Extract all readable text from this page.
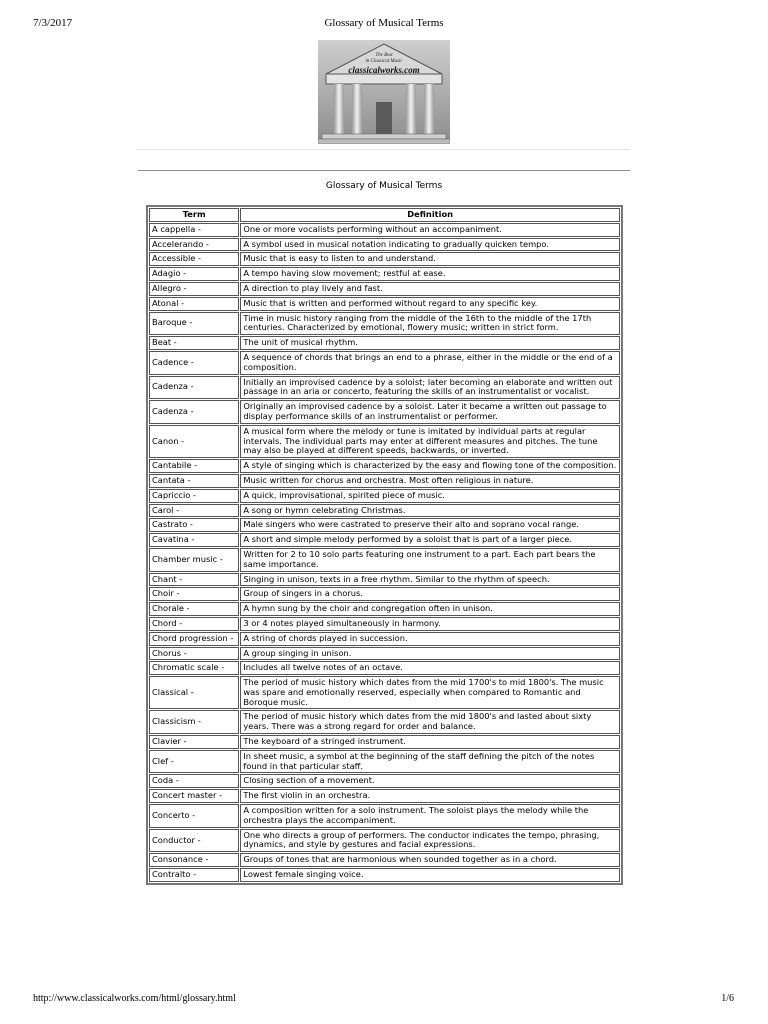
7/3/2017	Glossary of Musical Terms
The Best
in Classical Music
classicalworks.com
Glossary of Musical Terms
Term	Definition
A cappella -	One or more vocalists performing without an accompaniment.
Accelerando -	A symbol used in musical notation indicating to gradually quicken tempo.
Accessible -	Music that is easy to listen to and understand.
Adagio -	A tempo having slow movement; restful at ease.
Allegro -	A direction to play lively and fast.
Atonal -	Music that is written and performed without regard to any specific key.
Baroque -	Time in music history ranging from the middle of the 16th to the middle of the 17th centuries. Characterized by emotional, flowery music; written in strict form.
Beat -	The unit of musical rhythm.
Cadence -	A sequence of chords that brings an end to a phrase, either in the middle or the end of a composition.
Cadenza -	Initially an improvised cadence by a soloist; later becoming an elaborate and written out passage in an aria or concerto, featuring the skills of an instrumentalist or vocalist.
Cadenza -	Originally an improvised cadence by a soloist. Later it became a written out passage to display performance skills of an instrumentalist or performer.
Canon -	A musical form where the melody or tune is imitated by individual parts at regular intervals. The individual parts may enter at different measures and pitches. The tune may also be played at different speeds, backwards, or inverted.
Cantabile -	A style of singing which is characterized by the easy and flowing tone of the composition.
Cantata -	Music written for chorus and orchestra. Most often religious in nature.
Capriccio -	A quick, improvisational, spirited piece of music.
Carol -	A song or hymn celebrating Christmas.
Castrato -	Male singers who were castrated to preserve their alto and soprano vocal range.
Cavatina -	A short and simple melody performed by a soloist that is part of a larger piece.
Chamber music -	Written for 2 to 10 solo parts featuring one instrument to a part. Each part bears the same importance.
Chant -	Singing in unison, texts in a free rhythm. Similar to the rhythm of speech.
Choir -	Group of singers in a chorus.
Chorale -	A hymn sung by the choir and congregation often in unison.
Chord -	3 or 4 notes played simultaneously in harmony.
Chord progression -	A string of chords played in succession.
Chorus -	A group singing in unison.
Chromatic scale -	Includes all twelve notes of an octave.
Classical -	The period of music history which dates from the mid 1700's to mid 1800's. The music was spare and emotionally reserved, especially when compared to Romantic and Boroque music.
Classicism -	The period of music history which dates from the mid 1800's and lasted about sixty years. There was a strong regard for order and balance.
Clavier -	The keyboard of a stringed instrument.
Clef -	In sheet music, a symbol at the beginning of the staff defining the pitch of the notes found in that particular staff.
Coda -	Closing section of a movement.
Concert master -	The first violin in an orchestra.
Concerto -	A composition written for a solo instrument. The soloist plays the melody while the orchestra plays the accompaniment.
Conductor -	One who directs a group of performers. The conductor indicates the tempo, phrasing, dynamics, and style by gestures and facial expressions.
Consonance -	Groups of tones that are harmonious when sounded together as in a chord.
Contralto -	Lowest female singing voice.
http://www.classicalworks.com/html/glossary.html	1/6
